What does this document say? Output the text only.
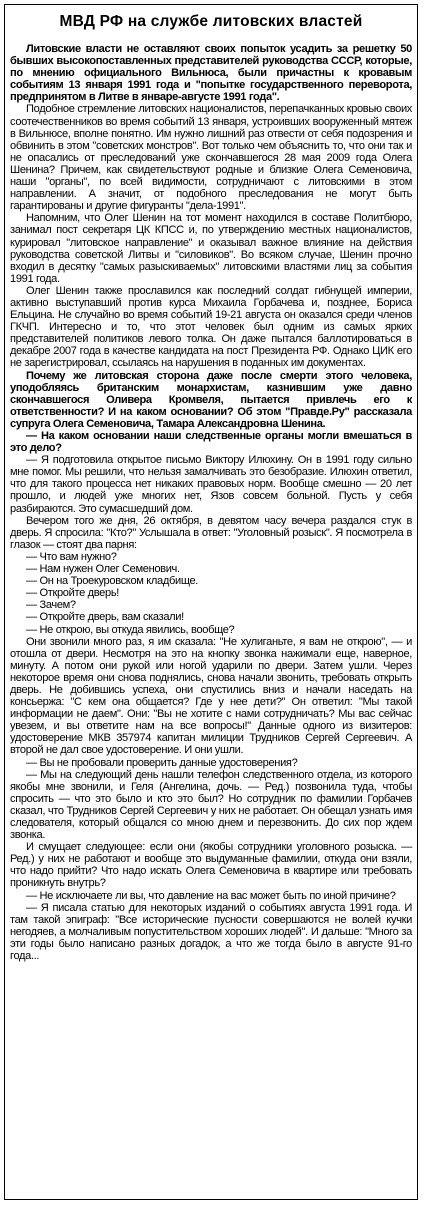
МВД РФ на службе литовских властей

Литовские власти не оставляют своих попыток усадить за решетку 50 бывших высокопоставленных представителей руководства СССР, которые, по мнению официального Вильнюса, были причастны к кровавым событиям 13 января 1991 года и "попытке государственного переворота, предпринятом в Литве в январе-августе 1991 года".

Подобное стремление литовских националистов, перепачканных кровью своих соотечественников во время событий 13 января, устроивших вооруженный мятеж в Вильнюсе, вполне понятно. Им нужно лишний раз отвести от себя подозрения и обвинить в этом "советских монстров". Вот только чем объяснить то, что они так и не опасались от преследований уже скончавшегося 28 мая 2009 года Олега Шенина? Причем, как свидетельствуют родные и близкие Олега Семеновича, наши "органы", по всей видимости, сотрудничают с литовскими в этом направлении. А значит, от подобного преследования не могут быть гарантированы и другие фигуранты "дела-1991".

Напомним, что Олег Шенин на тот момент находился в составе Политбюро, занимал пост секретаря ЦК КПСС и, по утверждению местных националистов, курировал "литовское направление" и оказывал важное влияние на действия руководства советской Литвы и "силовиков". Во всяком случае, Шенин прочно входил в десятку "самых разыскиваемых" литовскими властями лиц за события 1991 года.

Олег Шенин также прославился как последний солдат гибнущей империи, активно выступавший против курса Михаила Горбачева и, позднее, Бориса Ельцина. Не случайно во время событий 19-21 августа он оказался среди членов ГКЧП. Интересно и то, что этот человек был одним из самых ярких представителей политиков левого толка. Он даже пытался баллотироваться в декабре 2007 года в качестве кандидата на пост Президента РФ. Однако ЦИК его не зарегистрировал, ссылаясь на нарушения в поданных им документах.

Почему же литовская сторона даже после смерти этого человека, уподобляясь британским монархистам, казнившим уже давно скончавшегося Оливера Кромвеля, пытается привлечь его к ответственности? И на каком основании? Об этом "Правде.Ру" рассказала супруга Олега Семеновича, Тамара Александровна Шенина.

— На каком основании наши следственные органы могли вмешаться в это дело?

— Я подготовила открытое письмо Виктору Илюхину. Он в 1991 году сильно мне помог. Мы решили, что нельзя замалчивать это безобразие. Илюхин ответил, что для такого процесса нет никаких правовых норм. Вообще смешно — 20 лет прошло, и людей уже многих нет, Язов совсем больной. Пусть у себя разбираются. Это сумасшедший дом.

Вечером того же дня, 26 октября, в девятом часу вечера раздался стук в дверь. Я спросила: "Кто?" Услышала в ответ: "Уголовный розыск". Я посмотрела в глазок — стоят два парня:

— Что вам нужно?

— Нам нужен Олег Семенович.

— Он на Троекуровском кладбище.

— Откройте дверь!

— Зачем?

— Откройте дверь, вам сказали!

— Не открою, вы откуда явились, вообще?

Они звонили много раз, я им сказала: "Не хулиганьте, я вам не открою", — и отошла от двери. Несмотря на это на кнопку звонка нажимали еще, наверное, минуту. А потом они рукой или ногой ударили по двери. Затем ушли. Через некоторое время они снова поднялись, снова начали звонить, требовать открыть дверь. Не добившись успеха, они спустились вниз и начали наседать на консьержа: "С кем она общается? Где у нее дети?" Он ответил: "Мы такой информации не даем". Они: "Вы не хотите с нами сотрудничать? Мы вас сейчас увезем, и вы ответите нам на все вопросы!" Данные одного из визитеров: удостоверение МКВ 357974 капитан милиции Трудников Сергей Сергеевич. А второй не дал свое удостоверение. И они ушли.

— Вы не пробовали проверить данные удостоверения?

— Мы на следующий день нашли телефон следственного отдела, из которого якобы мне звонили, и Геля (Ангелина, дочь. — Ред.) позвонила туда, чтобы спросить — что это было и кто это был? Но сотрудник по фамилии Горбачев сказал, что Трудников Сергей Сергеевич у них не работает. Он обещал узнать имя следователя, который общался со мною днем и перезвонить. До сих пор ждем звонка.

И смущает следующее: если они (якобы сотрудники уголовного розыска. — Ред.) у них не работают и вообще это выдуманные фамилии, откуда они взяли, что надо прийти? Что надо искать Олега Семеновича в квартире или требовать проникнуть внутрь?

— Не исключаете ли вы, что давление на вас может быть по иной причине?

— Я писала статью для некоторых изданий о событиях августа 1991 года. И там такой эпиграф: "Все исторические пусности совершаются не волей кучки негодяев, а молчаливым попустительством хороших людей". И дальше: "Много за эти годы было написано разных догадок, а что же тогда было в августе 91-го года...
